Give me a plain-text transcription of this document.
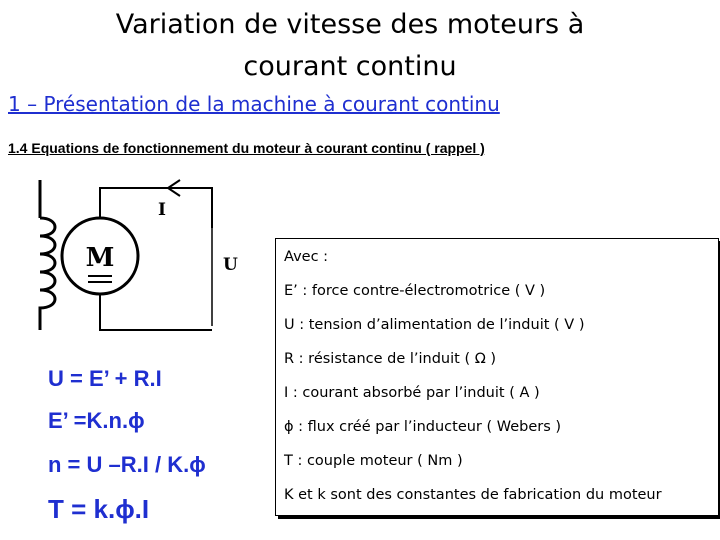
Variation de vitesse des moteurs à
courant continu
1 – Présentation de la machine à courant continu
1.4 Equations de fonctionnement du moteur à courant continu ( rappel )
M
I
U
U = E’ + R.I
E’ =K.n.ϕ
n = U –R.I / K.ϕ
T = k.ϕ.I
Avec :
E’ : force contre-électromotrice ( V )
U : tension d’alimentation de l’induit ( V )
R : résistance de l’induit ( Ω )
I : courant absorbé par l’induit ( A )
ϕ : flux créé par l’inducteur ( Webers )
T : couple moteur ( Nm )
K et k sont des constantes de fabrication du moteur
